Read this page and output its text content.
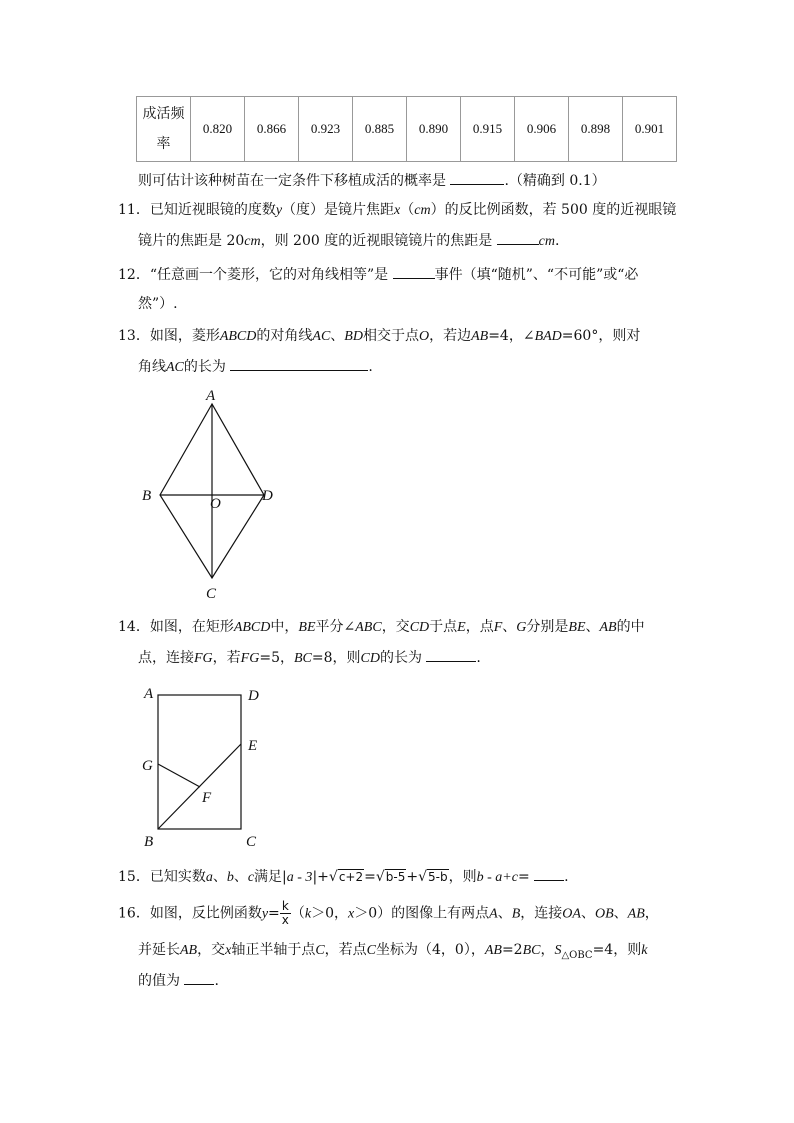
成活频率	0.820	0.866	0.923	0.885	0.890	0.915	0.906	0.898	0.901
则可估计该种树苗在一定条件下移植成活的概率是	.（精确到 0.1）
11．已知近视眼镜的度数y（度）是镜片焦距x（cm）的反比例函数，若 500 度的近视眼镜
镜片的焦距是 20cm，则 200 度的近视眼镜镜片的焦距是	cm.
12．“任意画一个菱形，它的对角线相等”是	事件（填“随机”、“不可能”或“必
然”）.
13．如图，菱形ABCD的对角线AC、BD相交于点O，若边AB=4，∠BAD=60°，则对
角线AC的长为	.
A
B
C
D
O
14．如图，在矩形ABCD中，BE平分∠ABC，交CD于点E，点F、G分别是BE、AB的中
点，连接FG，若FG=5，BC=8，则CD的长为	.
A	D
E
G
F
B	C
15．已知实数a、b、c满足|a - 3|+√c+2=√b-5+√5-b，则b - a+c= .
16．如图，反比例函数$y= \frac{k}{x} (k>0$，x＞0）的图像上有两点A、B，连接OA、OB、AB，
并延长AB，交x轴正半轴于点C，若点C坐标为（4，0），AB=2BC，$S_{\triangle OBC}=4$，则k
的值为 .
